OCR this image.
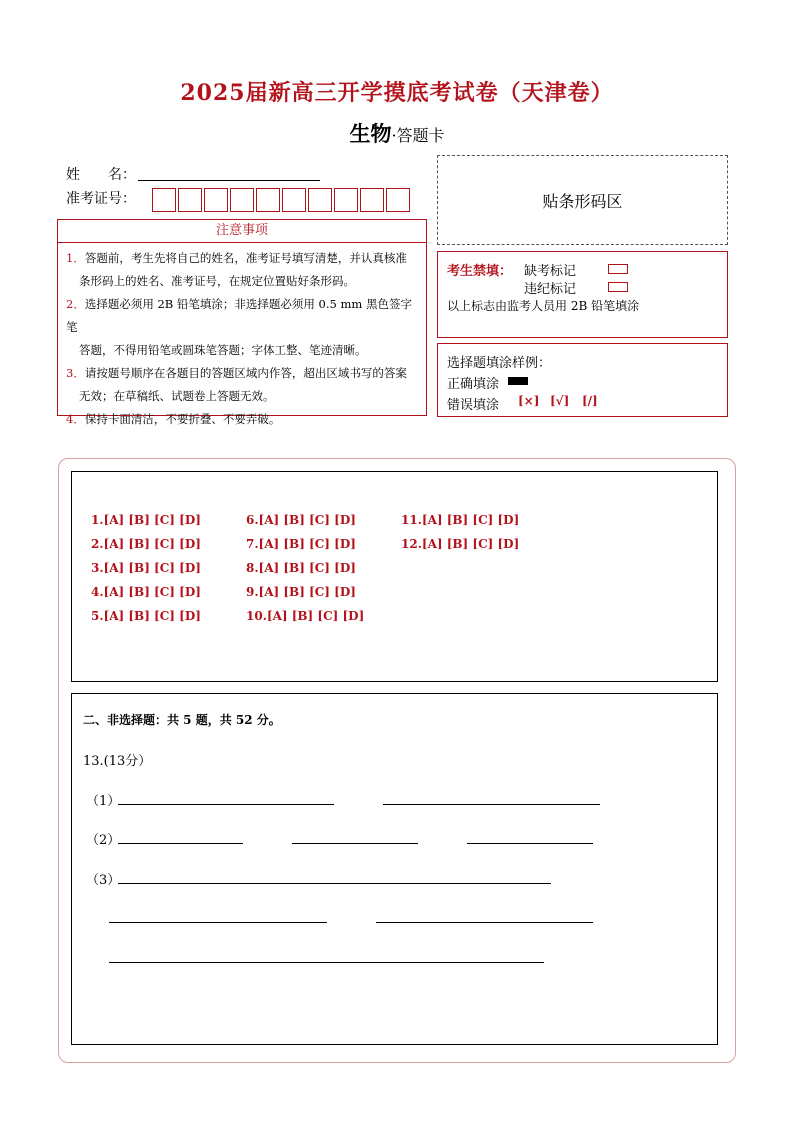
2025届新高三开学摸底考试卷（天津卷）
生物·答题卡
姓　　名：
准考证号：	贴条形码区
注意事项

1．答题前，考生先将自己的姓名，准考证号填写清楚，并认真核准

条形码上的姓名、准考证号，在规定位置贴好条形码。

2．选择题必须用 2B 铅笔填涂；非选择题必须用 0.5 mm 黑色签字笔

答题，不得用铅笔或圆珠笔答题；字体工整、笔迹清晰。

3．请按题号顺序在各题目的答题区域内作答，超出区域书写的答案

无效；在草稿纸、试题卷上答题无效。

4．保持卡面清洁，不要折叠、不要弄破。

考生禁填： 缺考标记
违纪标记
以上标志由监考人员用 2B 铅笔填涂
选择题填涂样例：
正确填涂
错误填涂 [×] [√] [/]
1.[A] [B] [C] [D]
2.[A] [B] [C] [D]
3.[A] [B] [C] [D]
4.[A] [B] [C] [D]
5.[A] [B] [C] [D]
6.[A] [B] [C] [D]
7.[A] [B] [C] [D]
8.[A] [B] [C] [D]
9.[A] [B] [C] [D]
10.[A] [B] [C] [D]
11.[A] [B] [C] [D]
12.[A] [B] [C] [D]
二、非选择题：共 5 题，共 52 分。
13.(13分）
（1）
（2）
（3）
